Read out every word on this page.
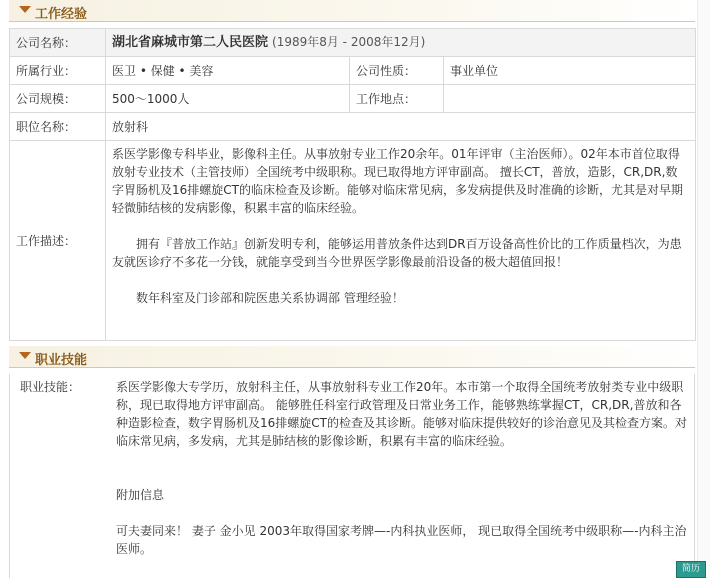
工作经验
公司名称：	湖北省麻城市第二人民医院 (1989年8月 - 2008年12月)		
所属行业：	医卫 • 保健 • 美容	公司性质：	事业单位
公司规模：	500～1000人	工作地点：	
职位名称：	放射科		
工作描述：	系医学影像专科毕业，影像科主任。从事放射专业工作20余年。01年评审（主治医师）。02年本市首位取得放射专业技术（主管技师）全国统考中级职称。现已取得地方评审副高。 擅长CT，普放，造影，CR,DR,数字胃肠机及16排螺旋CT的临床检查及诊断。能够对临床常见病，多发病提供及时准确的诊断，尤其是对早期轻微肺结核的发病影像，积累丰富的临床经验。

　　拥有『普放工作站』创新发明专利，能够运用普放条件达到DR百万设备高性价比的工作质量档次，为患友就医诊疗不多花一分钱，就能享受到当今世界医学影像最前沿设备的极大超值回报！

　　数年科室及门诊部和院医患关系协调部 管理经验！		

职业技能
职业技能：	系医学影像大专学历，放射科主任，从事放射科专业工作20年。本市第一个取得全国统考放射类专业中级职称，现已取得地方评审副高。 能够胜任科室行政管理及日常业务工作，能够熟练掌握CT，CR,DR,普放和各种造影检查，数字胃肠机及16排螺旋CT的检查及其诊断。能够对临床提供较好的诊治意见及其检查方案。对临床常见病，多发病，尤其是肺结核的影像诊断，积累有丰富的临床经验。

附加信息

可夫妻同来！ 妻子 金小见 2003年取得国家考牌—-内科执业医师， 现已取得全国统考中级职称—-内科主治医师。

简历
